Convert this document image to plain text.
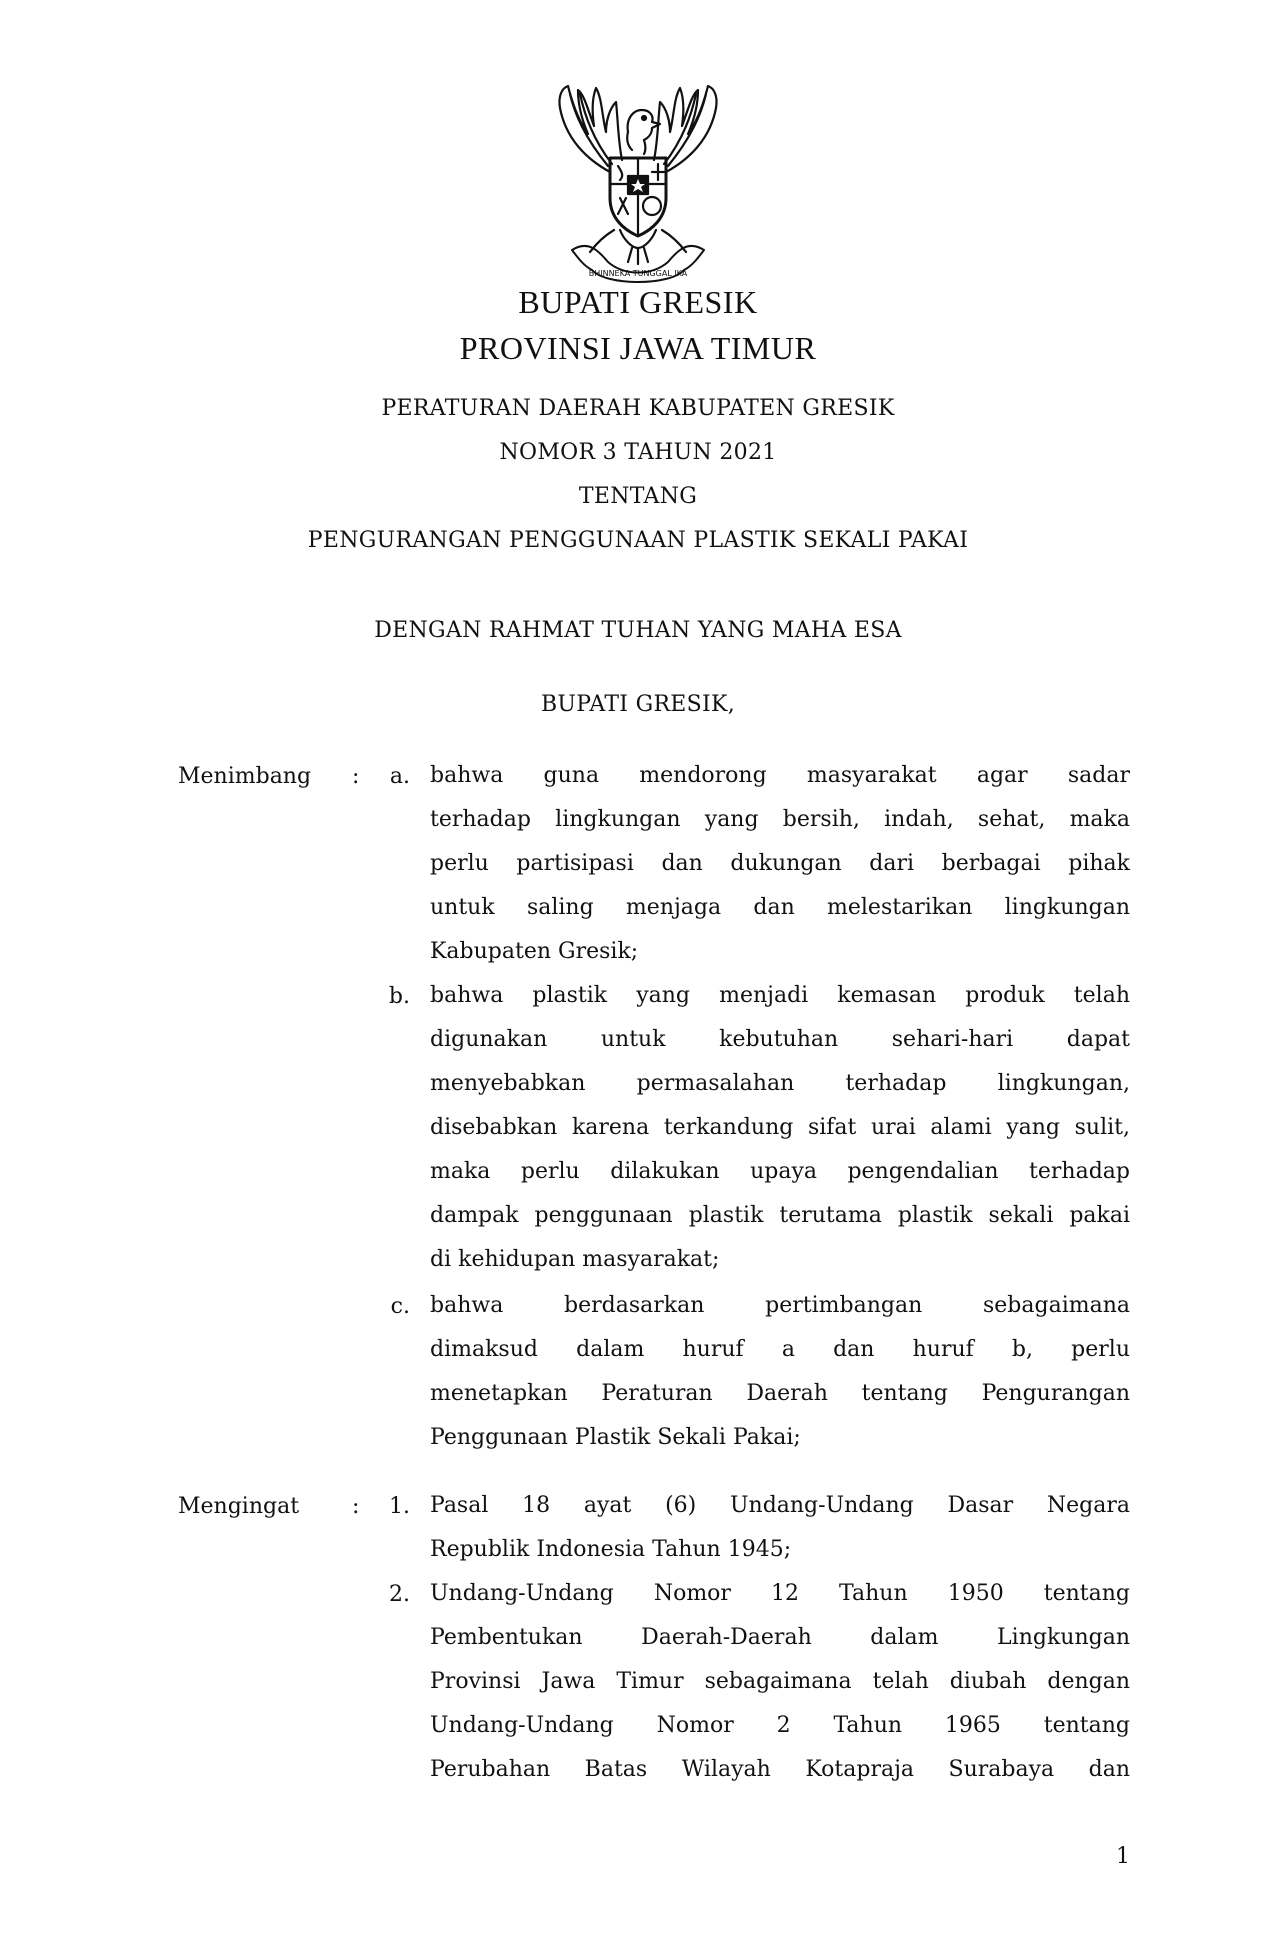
BHINNEKA TUNGGAL IKA
BUPATI GRESIK
PROVINSI JAWA TIMUR
PERATURAN DAERAH KABUPATEN GRESIK
NOMOR 3 TAHUN 2021
TENTANG
PENGURANGAN PENGGUNAAN PLASTIK SEKALI PAKAI
DENGAN RAHMAT TUHAN YANG MAHA ESA
BUPATI GRESIK,
Menimbang :	a. bahwa guna mendorong masyarakat agar sadar
terhadap lingkungan yang bersih, indah, sehat, maka
perlu partisipasi dan dukungan dari berbagai pihak
untuk saling menjaga dan melestarikan lingkungan
Kabupaten Gresik;
b. bahwa plastik yang menjadi kemasan produk telah
digunakan untuk kebutuhan sehari-hari dapat
menyebabkan permasalahan terhadap lingkungan,
disebabkan karena terkandung sifat urai alami yang sulit,
maka perlu dilakukan upaya pengendalian terhadap
dampak penggunaan plastik terutama plastik sekali pakai
di kehidupan masyarakat;
c. bahwa berdasarkan pertimbangan sebagaimana
dimaksud dalam huruf a dan huruf b, perlu
menetapkan Peraturan Daerah tentang Pengurangan
Penggunaan Plastik Sekali Pakai;
Mengingat :	1. Pasal 18 ayat (6) Undang-Undang Dasar Negara
Republik Indonesia Tahun 1945;
2. Undang-Undang Nomor 12 Tahun 1950 tentang
Pembentukan Daerah-Daerah dalam Lingkungan
Provinsi Jawa Timur sebagaimana telah diubah dengan
Undang-Undang Nomor 2 Tahun 1965 tentang
Perubahan Batas Wilayah Kotapraja Surabaya dan
1
